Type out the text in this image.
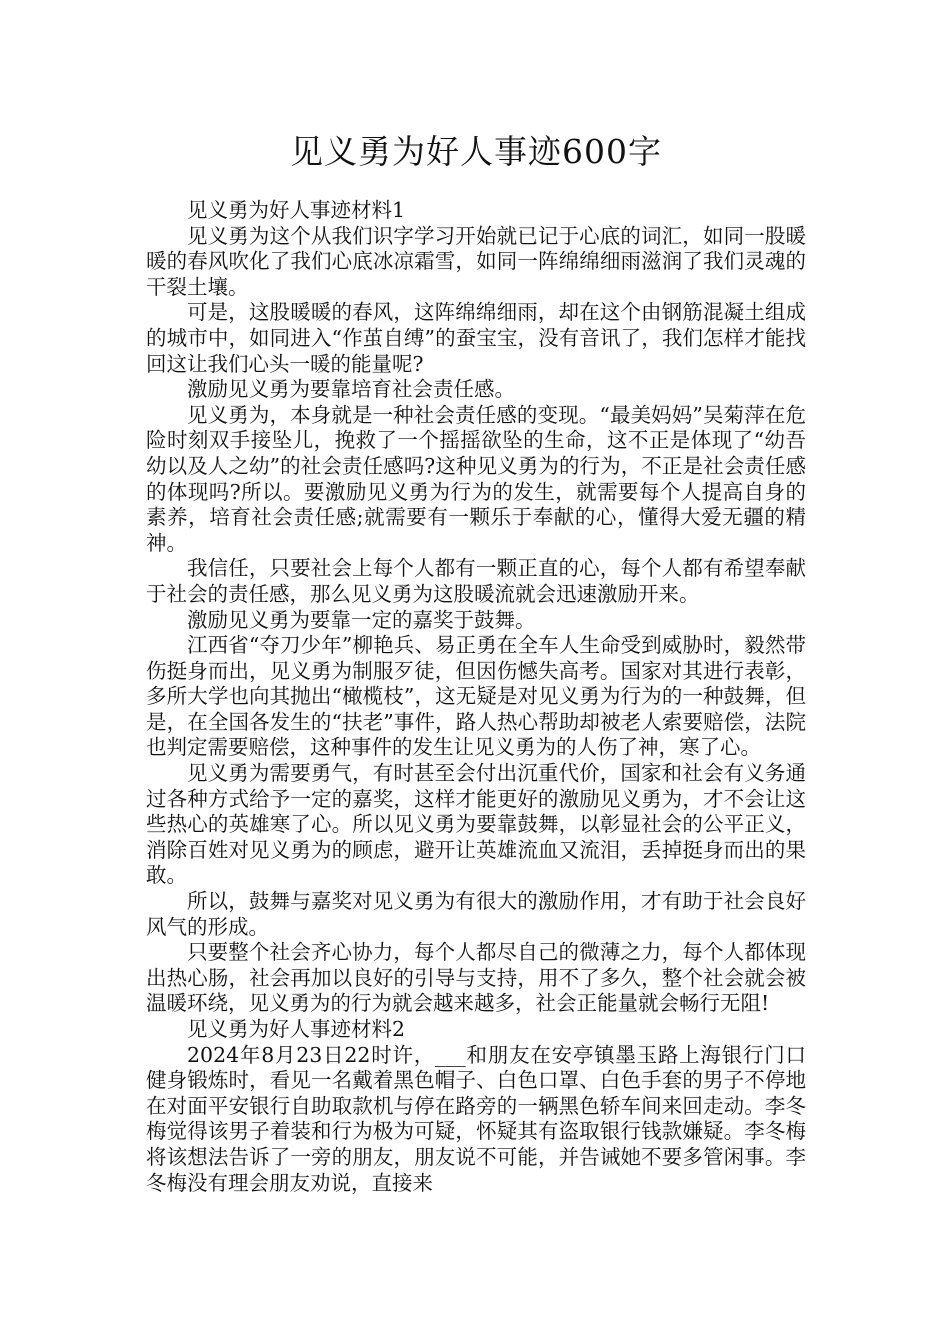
见义勇为好人事迹600字

见义勇为好人事迹材料1

见义勇为这个从我们识字学习开始就已记于心底的词汇，如同一股暖暖的春风吹化了我们心底冰凉霜雪，如同一阵绵绵细雨滋润了我们灵魂的干裂土壤。

可是，这股暖暖的春风，这阵绵绵细雨，却在这个由钢筋混凝土组成的城市中，如同进入“作茧自缚”的蚕宝宝，没有音讯了，我们怎样才能找回这让我们心头一暖的能量呢?

激励见义勇为要靠培育社会责任感。

见义勇为，本身就是一种社会责任感的变现。“最美妈妈”吴菊萍在危险时刻双手接坠儿，挽救了一个摇摇欲坠的生命，这不正是体现了“幼吾幼以及人之幼”的社会责任感吗?这种见义勇为的行为，不正是社会责任感的体现吗?所以。要激励见义勇为行为的发生，就需要每个人提高自身的素养，培育社会责任感;就需要有一颗乐于奉献的心，懂得大爱无疆的精神。

我信任，只要社会上每个人都有一颗正直的心，每个人都有希望奉献于社会的责任感，那么见义勇为这股暖流就会迅速激励开来。

激励见义勇为要靠一定的嘉奖于鼓舞。

江西省“夺刀少年”柳艳兵、易正勇在全车人生命受到威胁时，毅然带伤挺身而出，见义勇为制服歹徒，但因伤憾失高考。国家对其进行表彰，多所大学也向其抛出“橄榄枝”，这无疑是对见义勇为行为的一种鼓舞，但是，在全国各发生的“扶老”事件，路人热心帮助却被老人索要赔偿，法院也判定需要赔偿，这种事件的发生让见义勇为的人伤了神，寒了心。

见义勇为需要勇气，有时甚至会付出沉重代价，国家和社会有义务通过各种方式给予一定的嘉奖，这样才能更好的激励见义勇为，才不会让这些热心的英雄寒了心。所以见义勇为要靠鼓舞，以彰显社会的公平正义，消除百姓对见义勇为的顾虑，避开让英雄流血又流泪，丢掉挺身而出的果敢。

所以，鼓舞与嘉奖对见义勇为有很大的激励作用，才有助于社会良好风气的形成。

只要整个社会齐心协力，每个人都尽自己的微薄之力，每个人都体现出热心肠，社会再加以良好的引导与支持，用不了多久，整个社会就会被温暖环绕，见义勇为的行为就会越来越多，社会正能量就会畅行无阻!

见义勇为好人事迹材料2

2024年8月23日22时许，___和朋友在安亭镇墨玉路上海银行门口健身锻炼时，看见一名戴着黑色帽子、白色口罩、白色手套的男子不停地在对面平安银行自助取款机与停在路旁的一辆黑色轿车间来回走动。李冬梅觉得该男子着装和行为极为可疑，怀疑其有盗取银行钱款嫌疑。李冬梅将该想法告诉了一旁的朋友，朋友说不可能，并告诫她不要多管闲事。李冬梅没有理会朋友劝说，直接来
